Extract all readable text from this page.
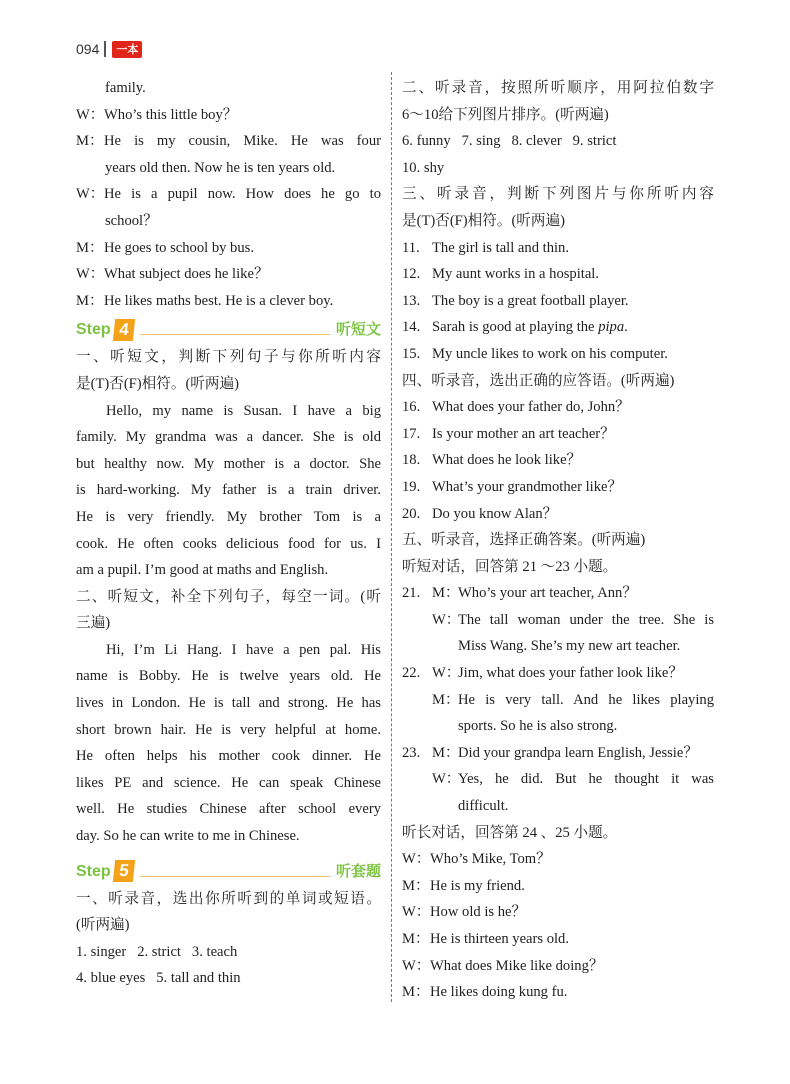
094	一本
family.
W： Who’s this little boy？
M： He is my cousin, Mike. He was four
years old then. Now he is ten years old.
W： He is a pupil now. How does he go to
school？
M： He goes to school by bus.
W： What subject does he like？
M： He likes maths best. He is a clever boy.
Step 4	听短文
一、听短文，判断下列句子与你所听内容
是(T)否(F)相符。(听两遍)
Hello, my name is Susan. I have a big
family. My grandma was a dancer. She is old
but healthy now. My mother is a doctor. She
is hard-working. My father is a train driver.
He is very friendly. My brother Tom is a
cook. He often cooks delicious food for us. I
am a pupil. I’m good at maths and English.
二、听短文，补全下列句子，每空一词。(听
三遍)
Hi, I’m Li Hang. I have a pen pal. His
name is Bobby. He is twelve years old. He
lives in London. He is tall and strong. He has
short brown hair. He is very helpful at home.
He often helps his mother cook dinner. He
likes PE and science. He can speak Chinese
well. He studies Chinese after school every
day. So he can write to me in Chinese.
Step 5	听套题
一、听录音，选出你所听到的单词或短语。
(听两遍)
1. singer   2. strict   3. teach
4. blue eyes   5. tall and thin
二、听录音，按照所听顺序，用阿拉伯数字
6～10给下列图片排序。(听两遍)
6. funny   7. sing   8. clever   9. strict
10. shy
三、听录音，判断下列图片与你所听内容
是(T)否(F)相符。(听两遍)
11. The girl is tall and thin.
12. My aunt works in a hospital.
13. The boy is a great football player.
14. Sarah is good at playing the pipa.
15. My uncle likes to work on his computer.
四、听录音，选出正确的应答语。(听两遍)
16. What does your father do, John？
17. Is your mother an art teacher？
18. What does he look like？
19. What’s your grandmother like？
20. Do you know Alan？
五、听录音，选择正确答案。(听两遍)
听短对话，回答第 21 ～23 小题。
21. M：Who’s your art teacher, Ann？
W：
The tall woman under the tree. She is
Miss Wang. She’s my new art teacher.
22. W：Jim, what does your father look like？
M：
He is very tall. And he likes playing
sports. So he is also strong.
23. M：Did your grandpa learn English, Jessie？
W：
Yes, he did. But he thought it was
difficult.
听长对话，回答第 24 、25 小题。
W： Who’s Mike, Tom？
M： He is my friend.
W： How old is he？
M： He is thirteen years old.
W： What does Mike like doing？
M： He likes doing kung fu.
